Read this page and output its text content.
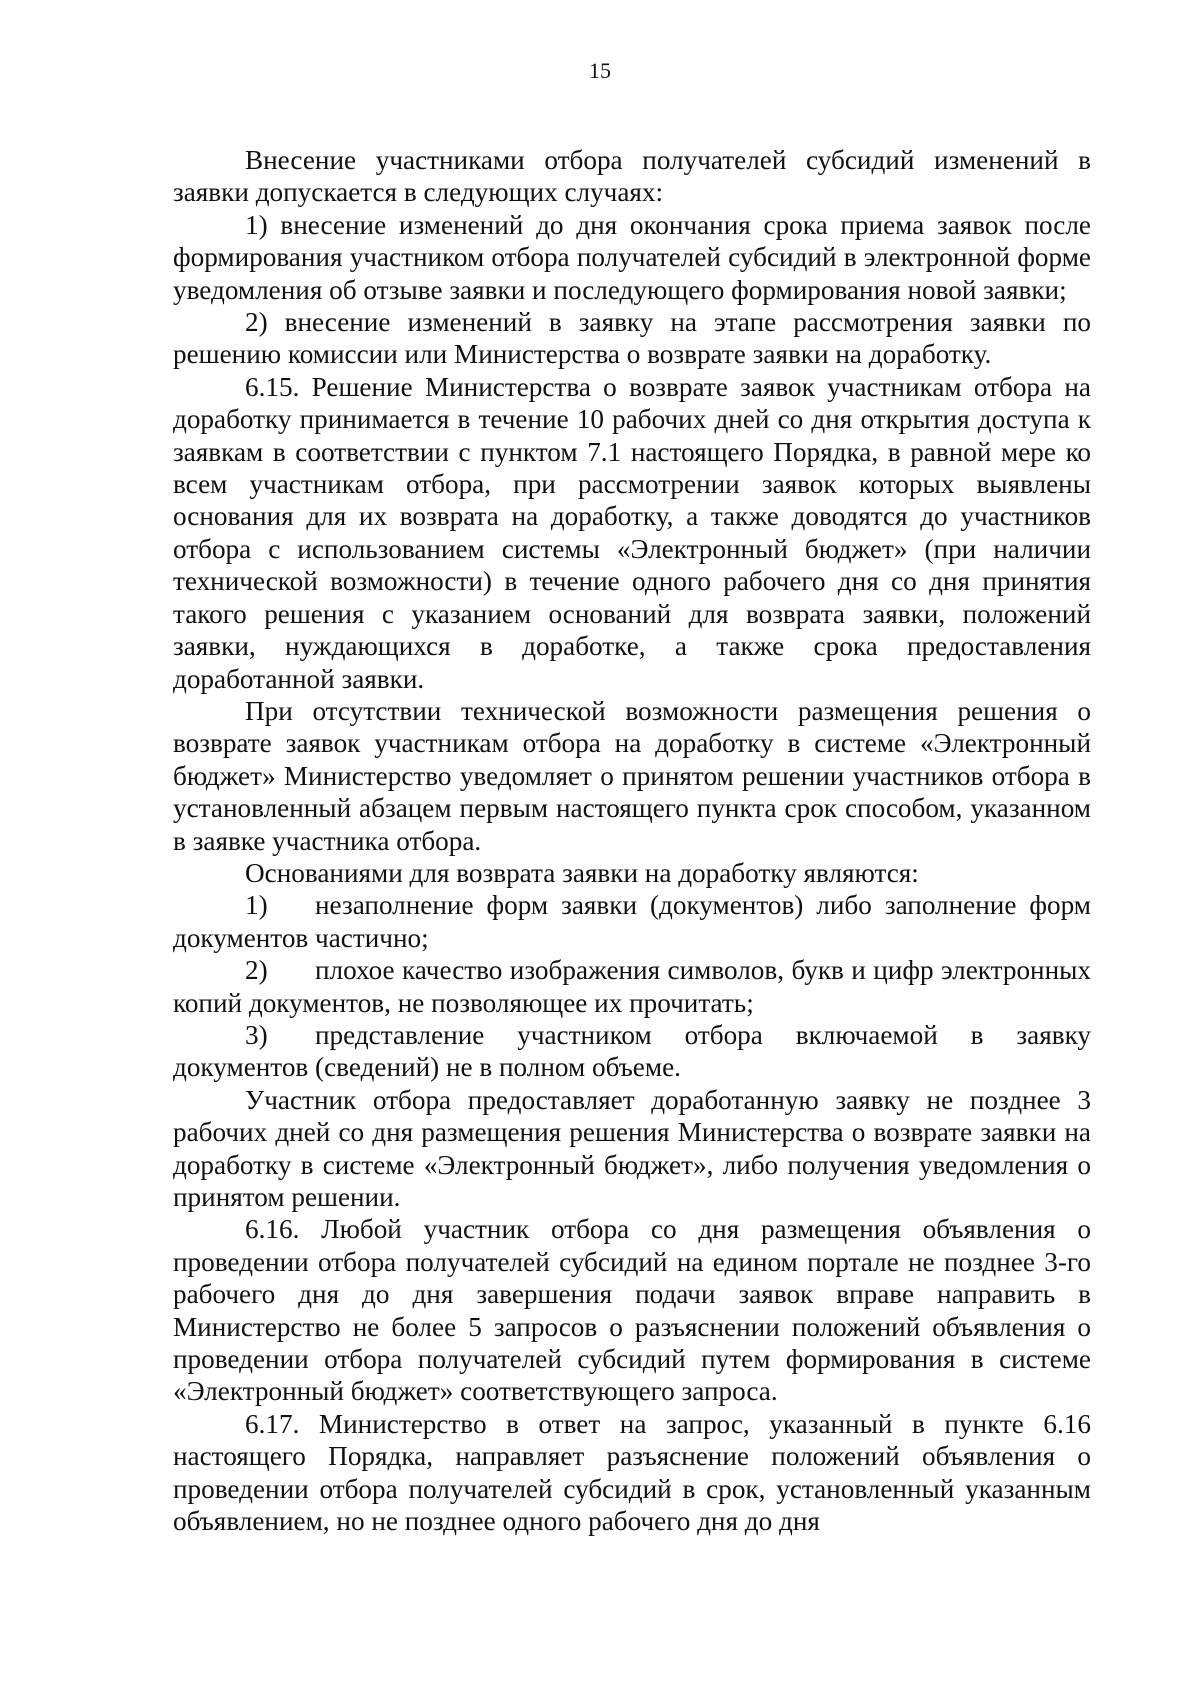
15

Внесение участниками отбора получателей субсидий изменений в заявки допускается в следующих случаях:

1) внесение изменений до дня окончания срока приема заявок после формирования участником отбора получателей субсидий в электронной форме уведомления об отзыве заявки и последующего формирования новой заявки;

2) внесение изменений в заявку на этапе рассмотрения заявки по решению комиссии или Министерства о возврате заявки на доработку.

6.15. Решение Министерства о возврате заявок участникам отбора на доработку принимается в течение 10 рабочих дней со дня открытия доступа к заявкам в соответствии с пунктом 7.1 настоящего Порядка, в равной мере ко всем участникам отбора, при рассмотрении заявок которых выявлены основания для их возврата на доработку, а также доводятся до участников отбора с использованием системы «Электронный бюджет» (при наличии технической возможности) в течение одного рабочего дня со дня принятия такого решения с указанием оснований для возврата заявки, положений заявки, нуждающихся в доработке, а также срока предоставления доработанной заявки.

При отсутствии технической возможности размещения решения о возврате заявок участникам отбора на доработку в системе «Электронный бюджет» Министерство уведомляет о принятом решении участников отбора в установленный абзацем первым настоящего пункта срок способом, указанном в заявке участника отбора.

Основаниями для возврата заявки на доработку являются:

1) незаполнение форм заявки (документов) либо заполнение форм документов частично;

2) плохое качество изображения символов, букв и цифр электронных копий документов, не позволяющее их прочитать;

3) представление участником отбора включаемой в заявку документов (сведений) не в полном объеме.

Участник отбора предоставляет доработанную заявку не позднее 3 рабочих дней со дня размещения решения Министерства о возврате заявки на доработку в системе «Электронный бюджет», либо получения уведомления о принятом решении.

6.16. Любой участник отбора со дня размещения объявления о проведении отбора получателей субсидий на едином портале не позднее 3-го рабочего дня до дня завершения подачи заявок вправе направить в Министерство не более 5 запросов о разъяснении положений объявления о проведении отбора получателей субсидий путем формирования в системе «Электронный бюджет» соответствующего запроса.

6.17. Министерство в ответ на запрос, указанный в пункте 6.16 настоящего Порядка, направляет разъяснение положений объявления о проведении отбора получателей субсидий в срок, установленный указанным объявлением, но не позднее одного рабочего дня до дня
